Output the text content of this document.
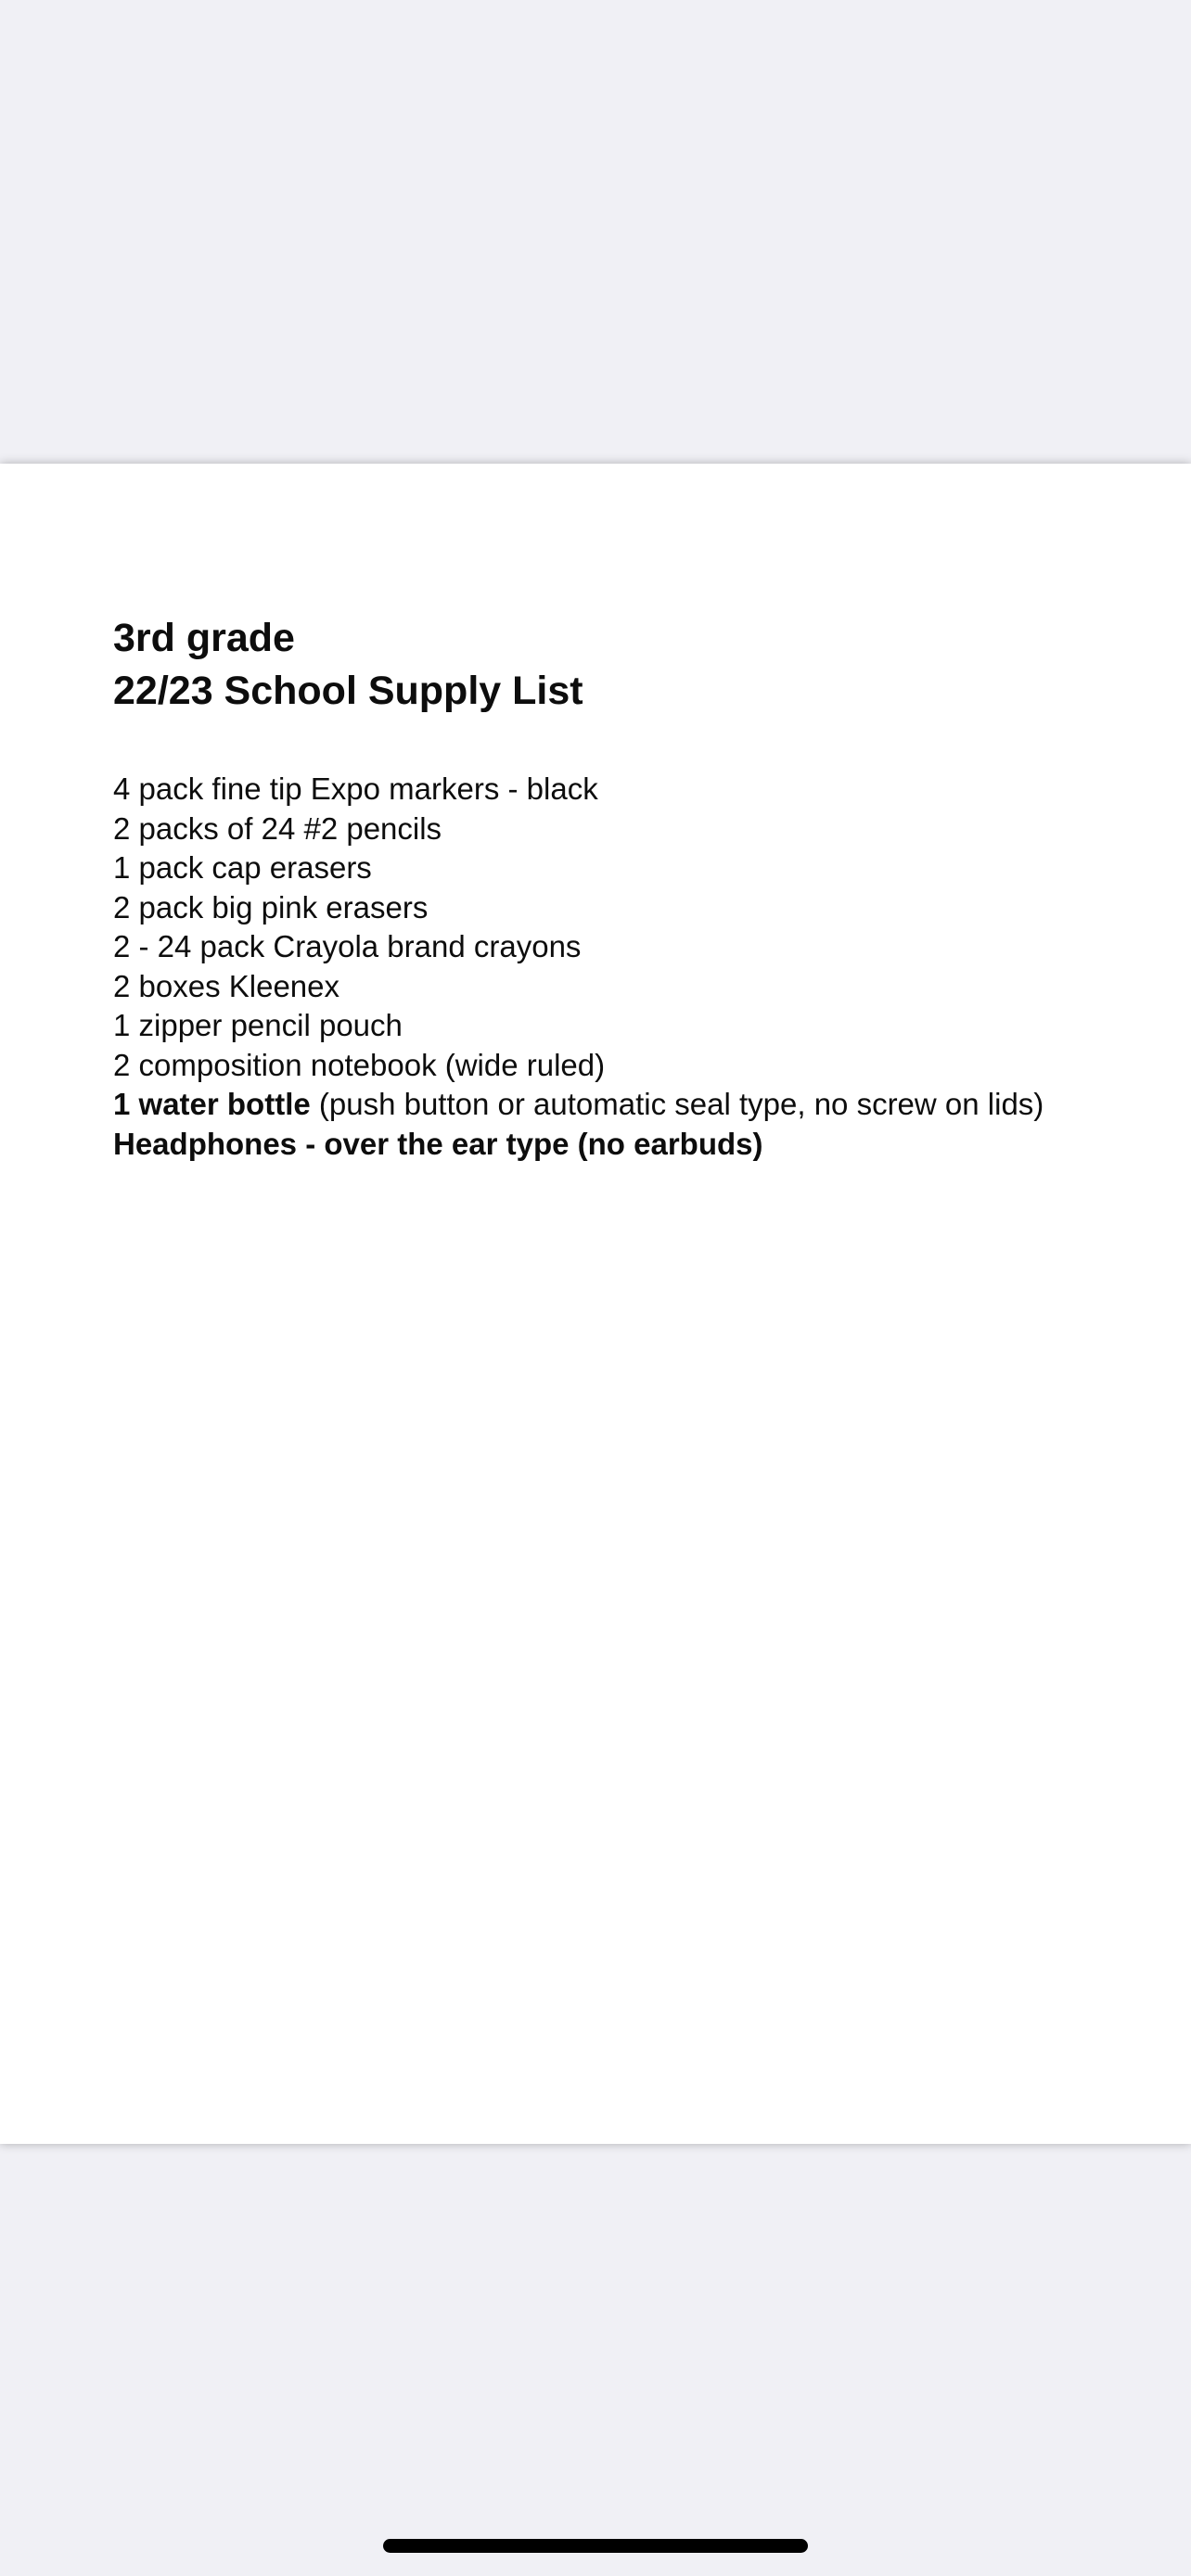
3rd grade

22/23 School Supply List

4 pack fine tip Expo markers - black
2 packs of 24 #2 pencils
1 pack cap erasers
2 pack big pink erasers
2 - 24 pack Crayola brand crayons
2 boxes Kleenex
1 zipper pencil pouch
2 composition notebook (wide ruled)
1 water bottle (push button or automatic seal type, no screw on lids)
Headphones - over the ear type (no earbuds)
